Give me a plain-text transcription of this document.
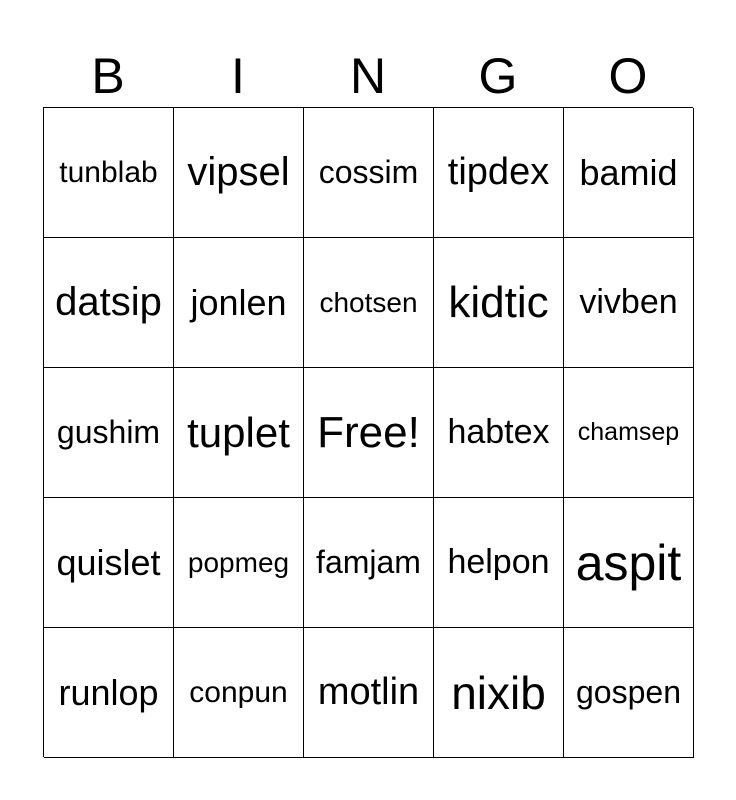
B	I	N	G	O
tunblab vipsel cossim tipdex bamid
datsip jonlen	chotsen kidtic vivben
gushim tuplet Free! habtex	chamsep
quislet popmeg famjam helpon aspit
runlop	conpun motlin nixib gospen
